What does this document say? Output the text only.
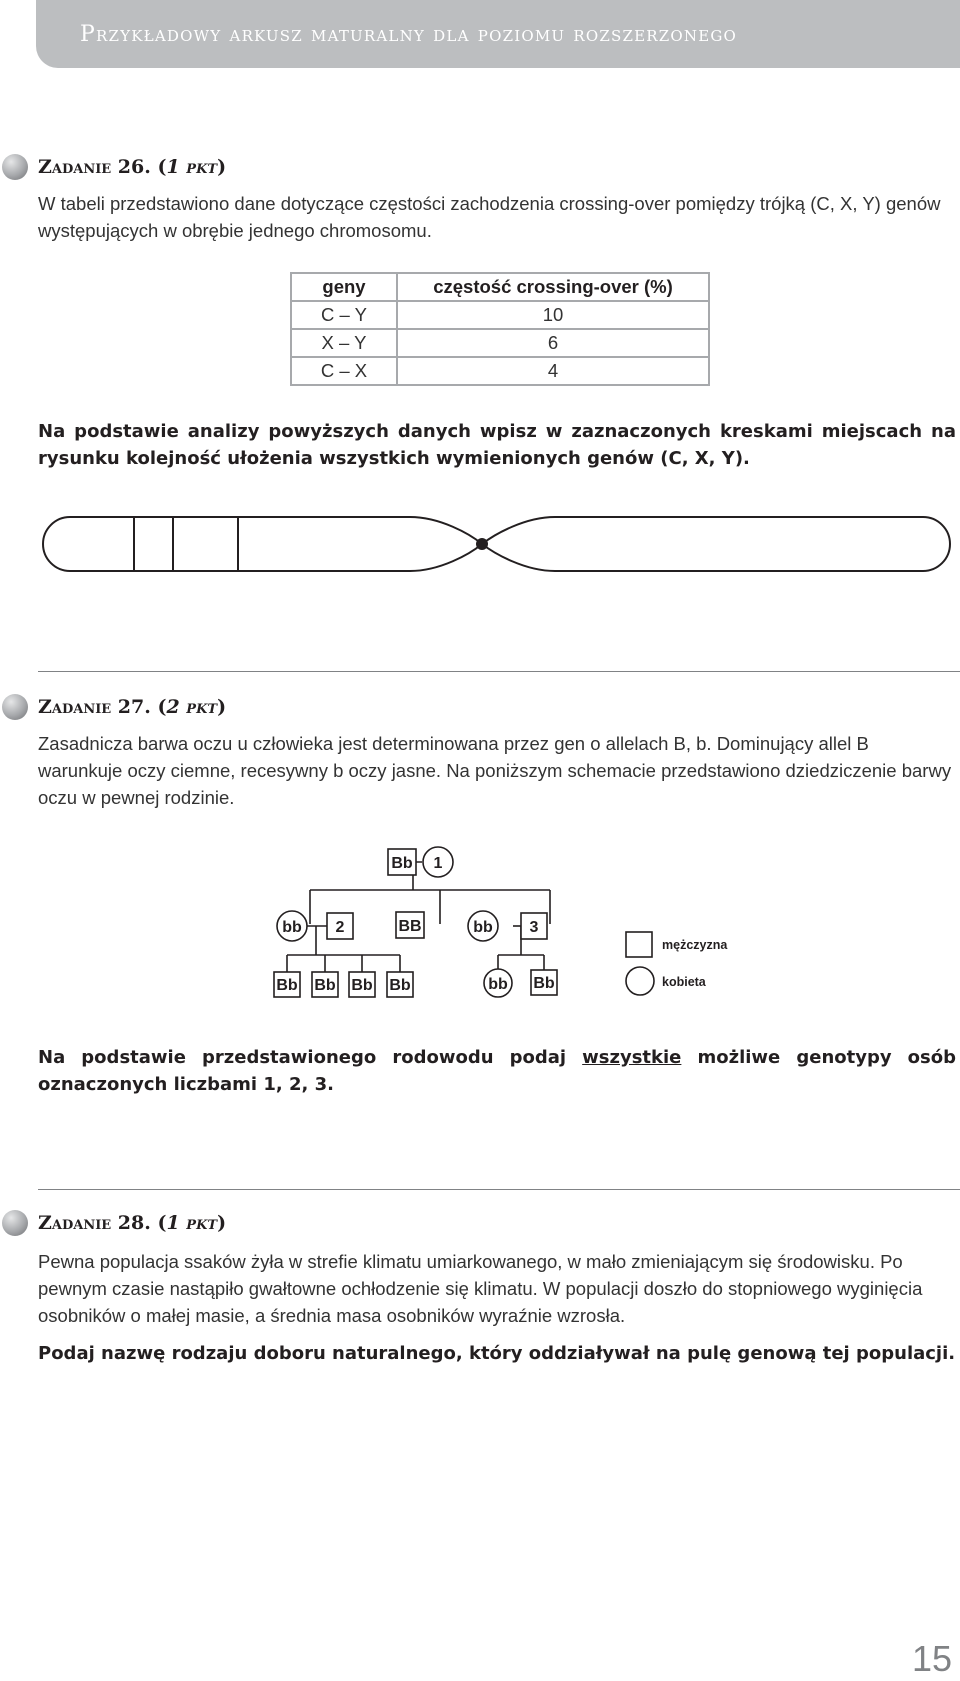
Przykładowy arkusz maturalny dla poziomu rozszerzonego
Zadanie 26. (1 pkt)

W tabeli przedstawiono dane dotyczące częstości zachodzenia crossing-over pomiędzy trójką (C, X, Y) genów występujących w obrębie jednego chromosomu.

geny	częstość crossing-over (%)
C – Y	10
X – Y	6
C – X	4

Na podstawie analizy powyższych danych wpisz w zaznaczonych kreskami miejscach na rysunku kolejność ułożenia wszystkich wymienionych genów (C, X, Y).

Zadanie 27. (2 pkt)

Zasadnicza barwa oczu u człowieka jest determinowana przez gen o allelach B, b. Dominujący allel B warunkuje oczy ciemne, recesywny b oczy jasne. Na poniższym schemacie przedstawiono dziedziczenie barwy oczu w pewnej rodzinie.

Bb 1
bb 2	BB	bb 3
Bb Bb Bb Bb	bb Bb
mężczyzna
kobieta

Na podstawie przedstawionego rodowodu podaj wszystkie możliwe genotypy osób oznaczonych liczbami 1, 2, 3.

Zadanie 28. (1 pkt)

Pewna populacja ssaków żyła w strefie klimatu umiarkowanego, w mało zmieniającym się środowisku. Po pewnym czasie nastąpiło gwałtowne ochłodzenie się klimatu. W populacji doszło do stopniowego wyginięcia osobników o małej masie, a średnia masa osobników wyraźnie wzrosła.

Podaj nazwę rodzaju doboru naturalnego, który oddziaływał na pulę genową tej populacji.

15
